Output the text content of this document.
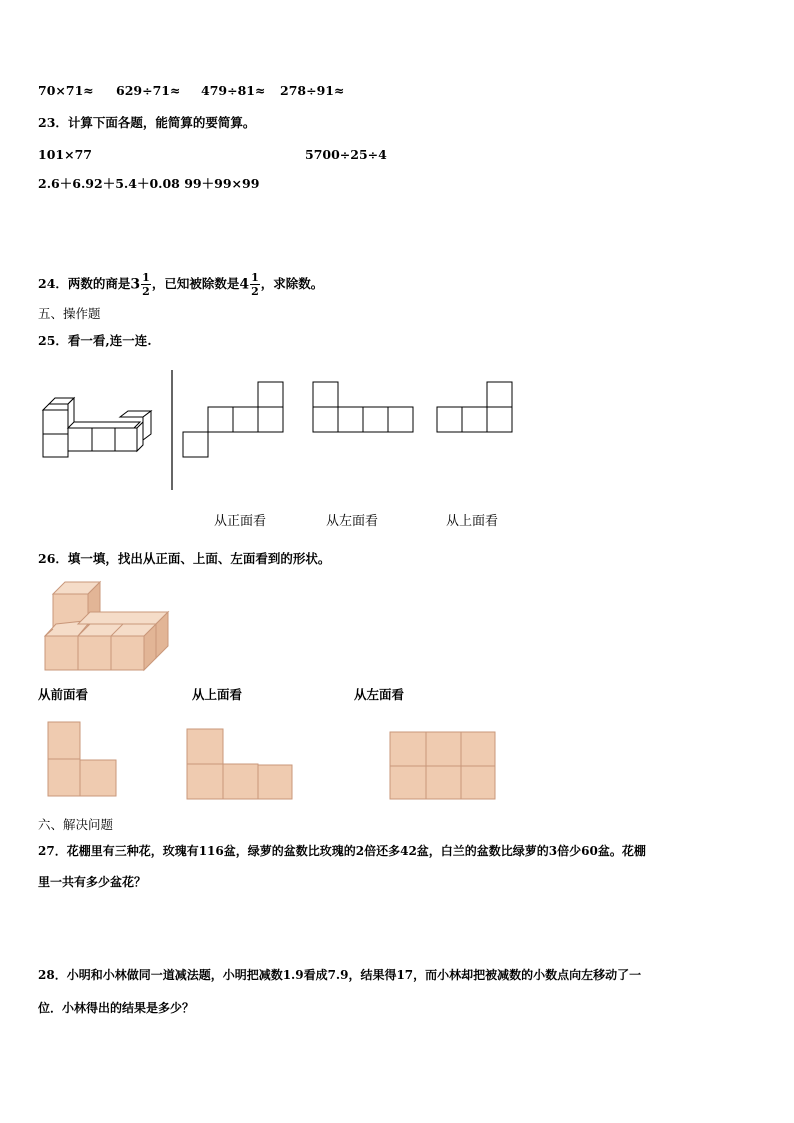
70×71≈ 629÷71≈ 479÷81≈ 278÷91≈
23．计算下面各题，能简算的要简算。
101×77	5700÷25÷4
2.6＋6.92＋5.4＋0.08 99＋99×99
24．两数的商是$3 \frac{1}{2}$ ，已知被除数是$4 \frac{1}{2}$ ，求除数。
五、操作题
25．看一看,连一连.
从正面看	从左面看	从上面看
26．填一填，找出从正面、上面、左面看到的形状。
从前面看	从上面看	从左面看
六、解决问题
27．花棚里有三种花，玫瑰有116盆，绿萝的盆数比玫瑰的2倍还多42盆，白兰的盆数比绿萝的3倍少60盆。花棚
里一共有多少盆花？
28．小明和小林做同一道减法题，小明把减数1.9看成7.9，结果得17，而小林却把被减数的小数点向左移动了一
位．小林得出的结果是多少？
